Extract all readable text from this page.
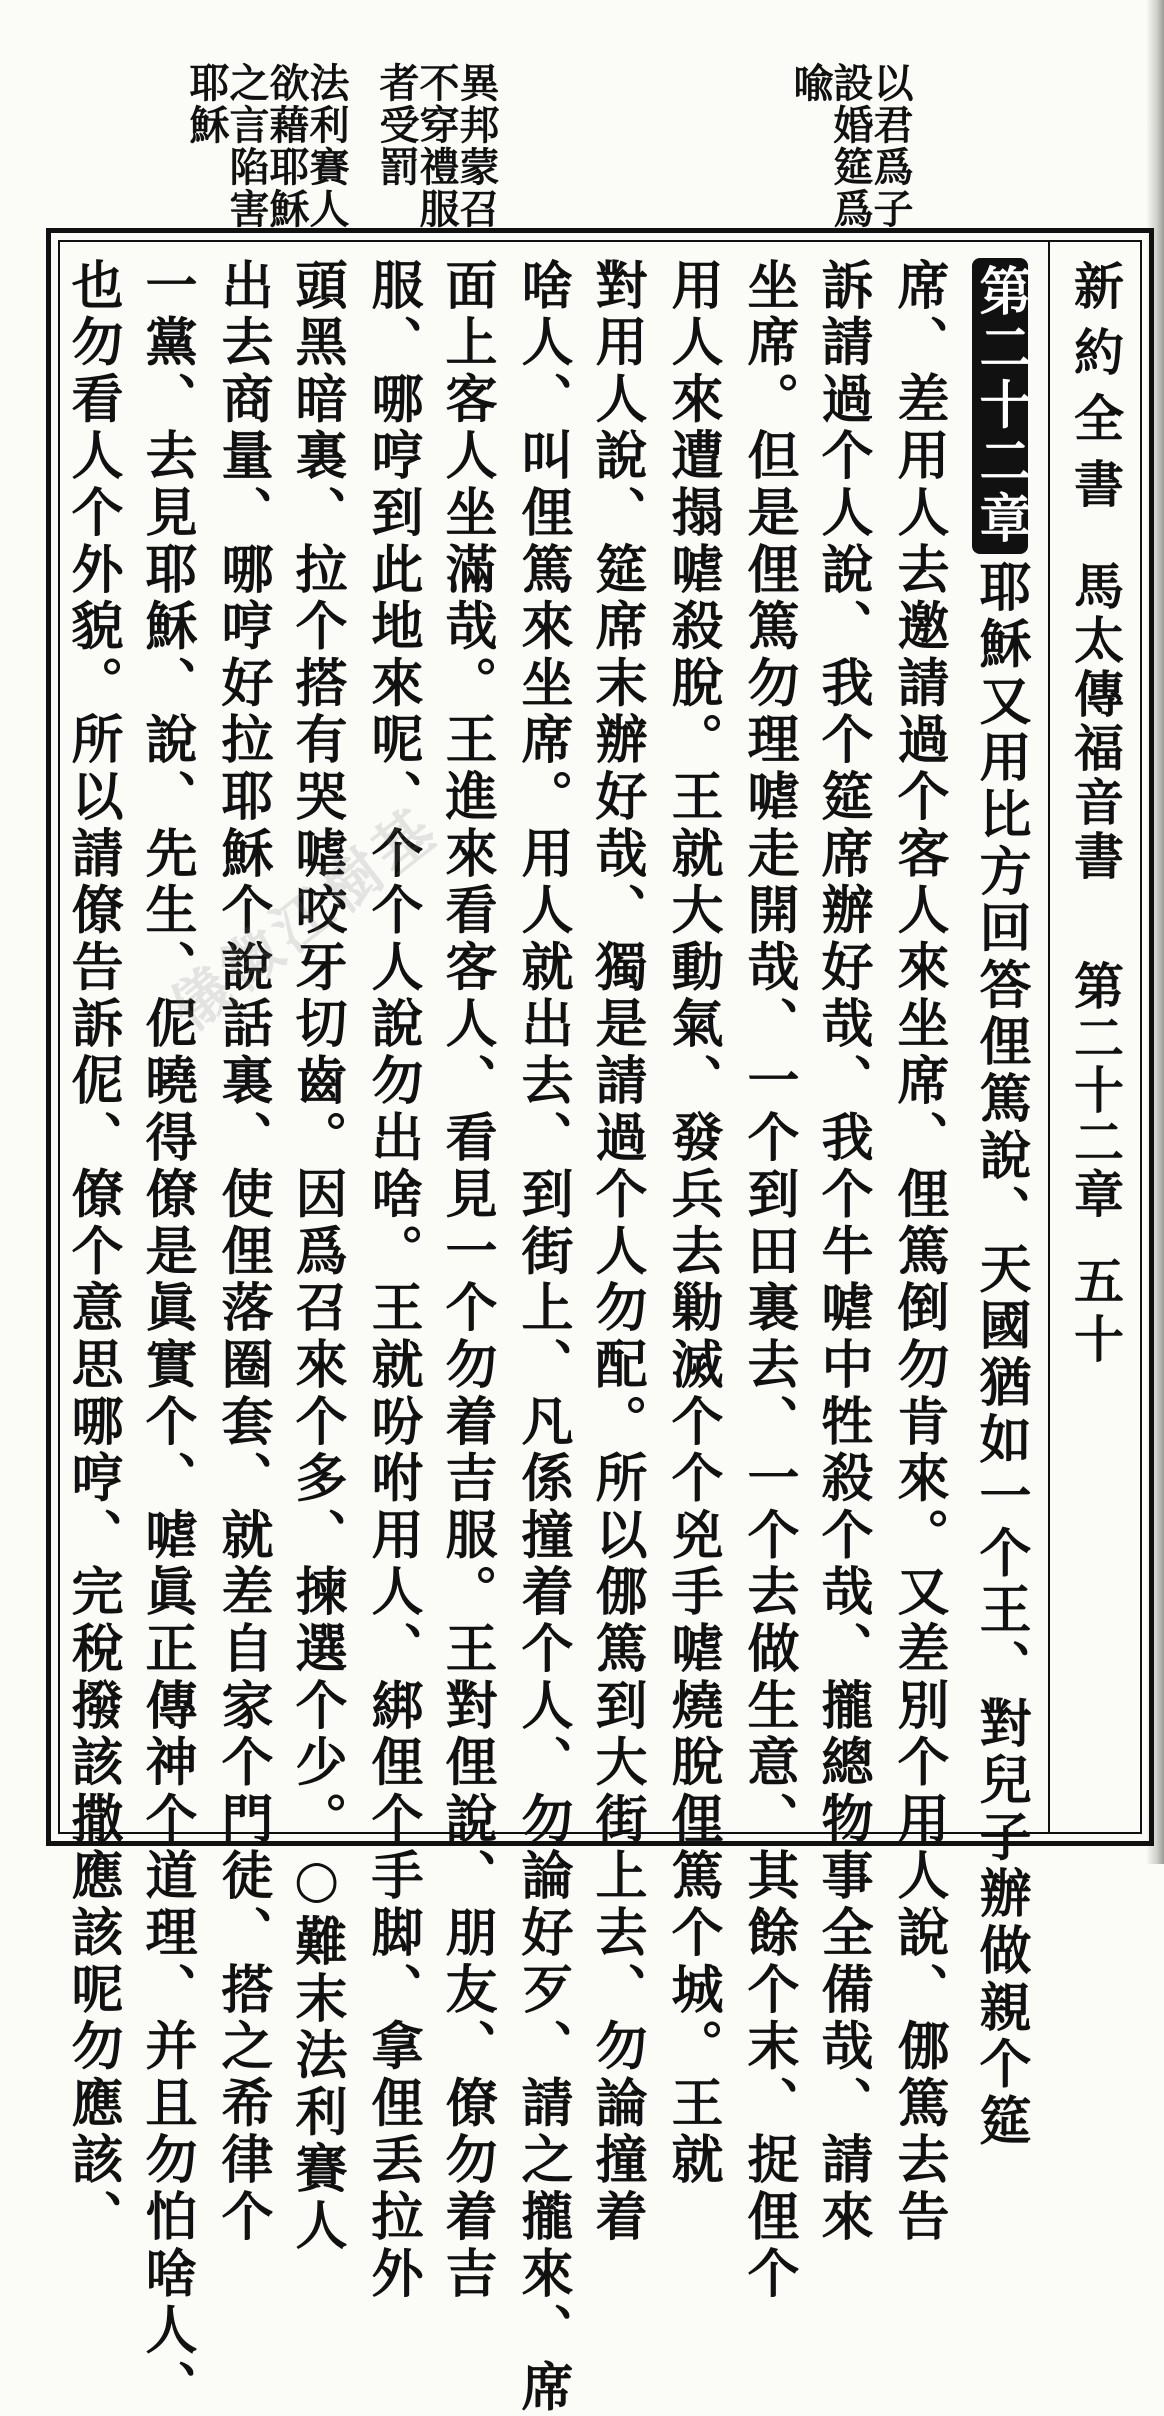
以君爲子
設婚筵爲
喩
異邦蒙召
不穿禮服
者受罰
法利賽人
欲藉耶穌
之言陷害
耶穌
新約全書
馬太傳福音書
第二十二章
五十
第二十二章耶穌又用比方回答俚篤說、天國猶如一个王、對兒子辦做親个筵
席、差用人去邀請過个客人來坐席、俚篤倒勿肯來。又差別个用人說、㑚篤去告
訴請過个人說、我个筵席辦好哉、我个牛㖸中牲殺个哉、攏總物事全備哉、請來
坐席。但是俚篤勿理㖸走開哉、一个到田裏去、一个去做生意、其餘个末、捉俚个
用人來遭搨㖸殺脫。王就大動氣、發兵去勦滅个个兇手㖸燒脫俚篤个城。王就
對用人說、筵席末辦好哉、獨是請過个人勿配。所以㑚篤到大街上去、勿論撞着
啥人、叫俚篤來坐席。用人就出去、到街上、凡係撞着个人、勿論好歹、請之攏來、席
面上客人坐滿哉。王進來看客人、看見一个勿着吉服。王對俚說、朋友、僚勿着吉
服、哪哼到此地來呢、个个人說勿出啥。王就吩咐用人、綁俚个手脚、拿俚丢拉外
頭黑暗裏、拉个搭有哭㖸咬牙切齒。因爲召來个多、揀選个少。○難末法利賽人
出去商量、哪哼好拉耶穌个說話裏、使俚落圈套、就差自家个門徒、搭之希律个
一黨、去見耶穌、說、先生、伲曉得僚是眞實个、㖸眞正傳神个道理、并且勿怕啥人、
也勿看人个外貌。所以請僚告訴伲、僚个意思哪哼、完稅撥該撒應該呢勿應該、 儀徵江樹基
